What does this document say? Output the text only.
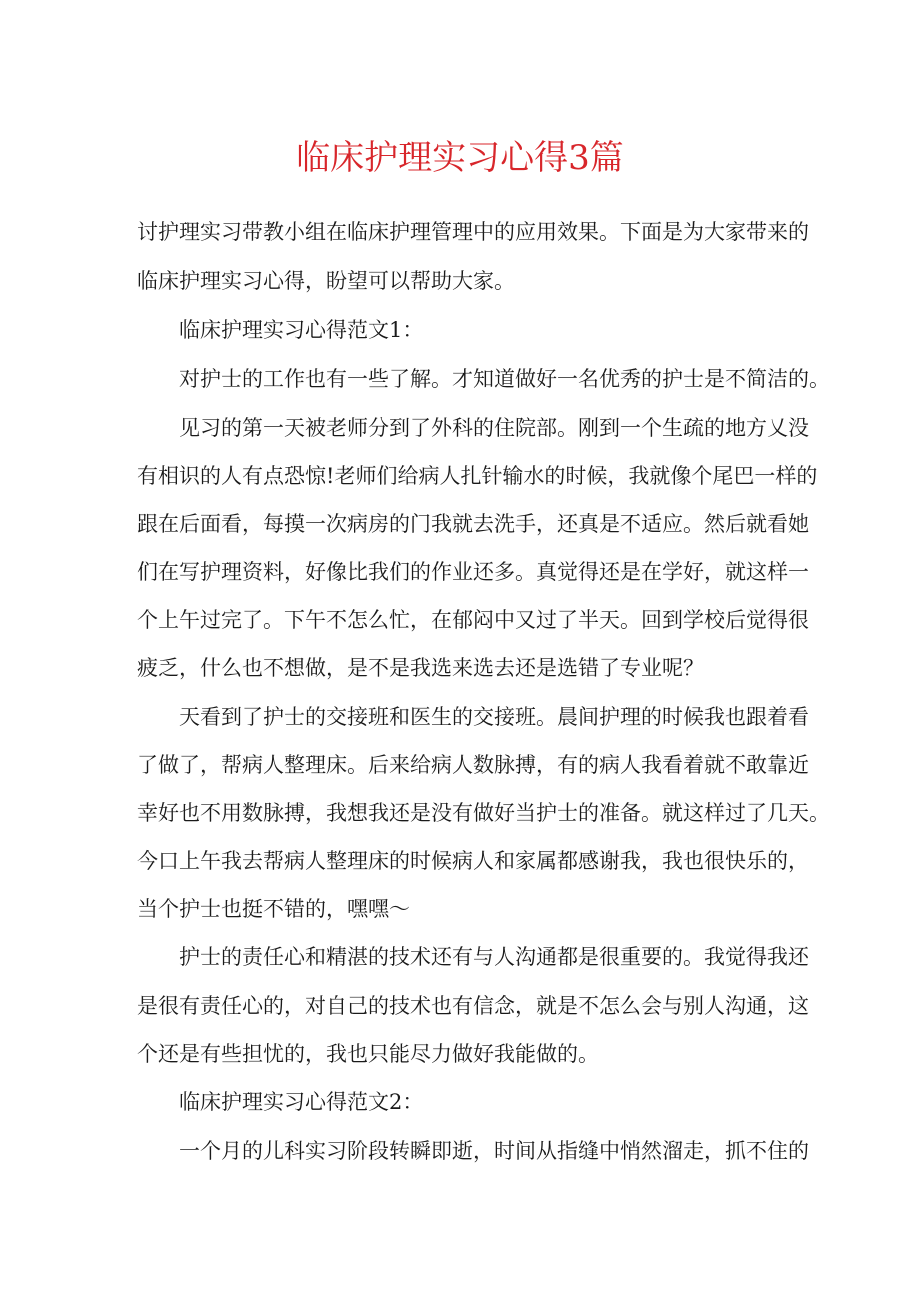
临床护理实习心得3篇
讨护理实习带教小组在临床护理管理中的应用效果。下面是为大家带来的
临床护理实习心得，盼望可以帮助大家。
临床护理实习心得范文1：
对护士的工作也有一些了解。才知道做好一名优秀的护士是不简洁的。
见习的第一天被老师分到了外科的住院部。刚到一个生疏的地方乂没
有相识的人有点恐惊!老师们给病人扎针输水的时候，我就像个尾巴一样的
跟在后面看，每摸一次病房的门我就去洗手，还真是不适应。然后就看她
们在写护理资料，好像比我们的作业还多。真觉得还是在学好，就这样一
个上午过完了。下午不怎么忙，在郁闷中又过了半天。回到学校后觉得很
疲乏，什么也不想做，是不是我选来选去还是选错了专业呢？
天看到了护士的交接班和医生的交接班。晨间护理的时候我也跟着看
了做了，帮病人整理床。后来给病人数脉搏，有的病人我看着就不敢靠近
幸好也不用数脉搏，我想我还是没有做好当护士的准备。就这样过了几天。
今口上午我去帮病人整理床的时候病人和家属都感谢我，我也很快乐的，
当个护士也挺不错的，嘿嘿～
护士的责任心和精湛的技术还有与人沟通都是很重要的。我觉得我还
是很有责任心的，对自己的技术也有信念，就是不怎么会与别人沟通，这
个还是有些担忧的，我也只能尽力做好我能做的。
临床护理实习心得范文2：
一个月的儿科实习阶段转瞬即逝，时间从指缝中悄然溜走，抓不住的
